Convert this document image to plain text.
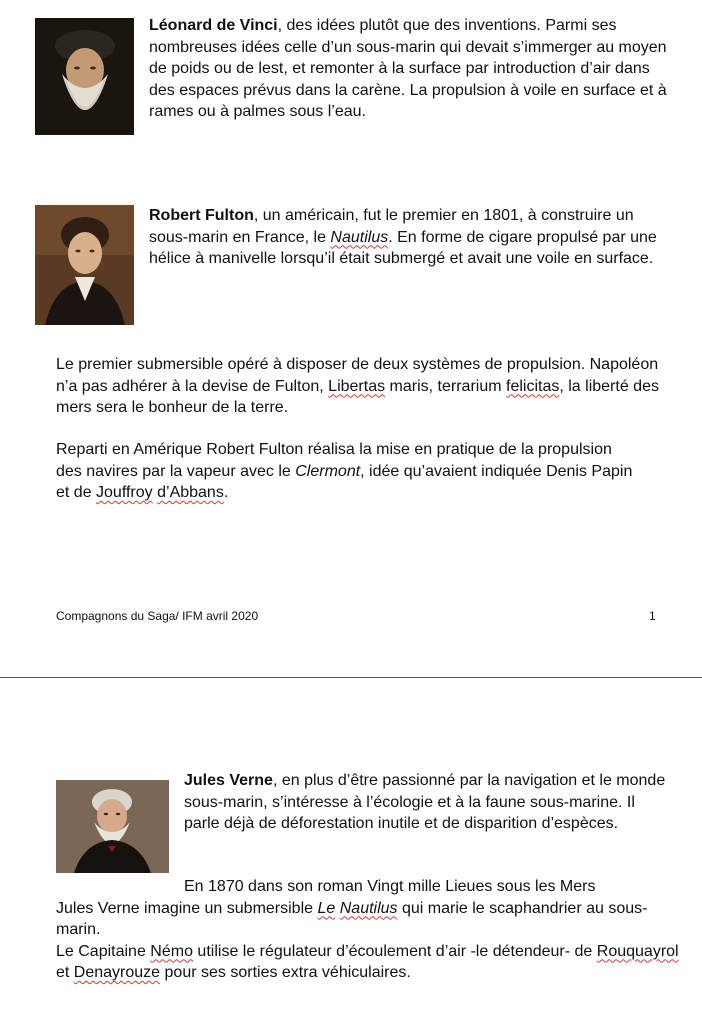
Léonard de Vinci, des idées plutôt que des inventions. Parmi ses nombreuses idées celle d’un sous-marin qui devait s’immerger au moyen de poids ou de lest, et remonter à la surface par introduction d’air dans des espaces prévus dans la carène. La propulsion à voile en surface et à rames ou à palmes sous l’eau.

Robert Fulton, un américain, fut le premier en 1801, à construire un sous-marin en France, le Nautilus. En forme de cigare propulsé par une hélice à manivelle lorsqu’il était submergé et avait une voile en surface.

Le premier submersible opéré à disposer de deux systèmes de propulsion. Napoléon n’a pas adhérer à la devise de Fulton, Libertas maris, terrarium felicitas, la liberté des mers sera le bonheur de la terre.

Reparti en Amérique Robert Fulton réalisa la mise en pratique de la propulsion des navires par la vapeur avec le Clermont, idée qu’avaient indiquée Denis Papin et de Jouffroy d’Abbans.

Compagnons du Saga/ IFM avril 2020	1

Jules Verne, en plus d’être passionné par la navigation et le monde sous-marin, s’intéresse à l’écologie et à la faune sous-marine. Il parle déjà de déforestation inutile et de disparition d’espèces.

En 1870 dans son roman Vingt mille Lieues sous les Mers
Jules Verne imagine un submersible Le Nautilus qui marie le scaphandrier au sous-marin.
Le Capitaine Némo utilise le régulateur d’écoulement d’air -le détendeur- de Rouquayrol et Denayrouze pour ses sorties extra véhiculaires.
